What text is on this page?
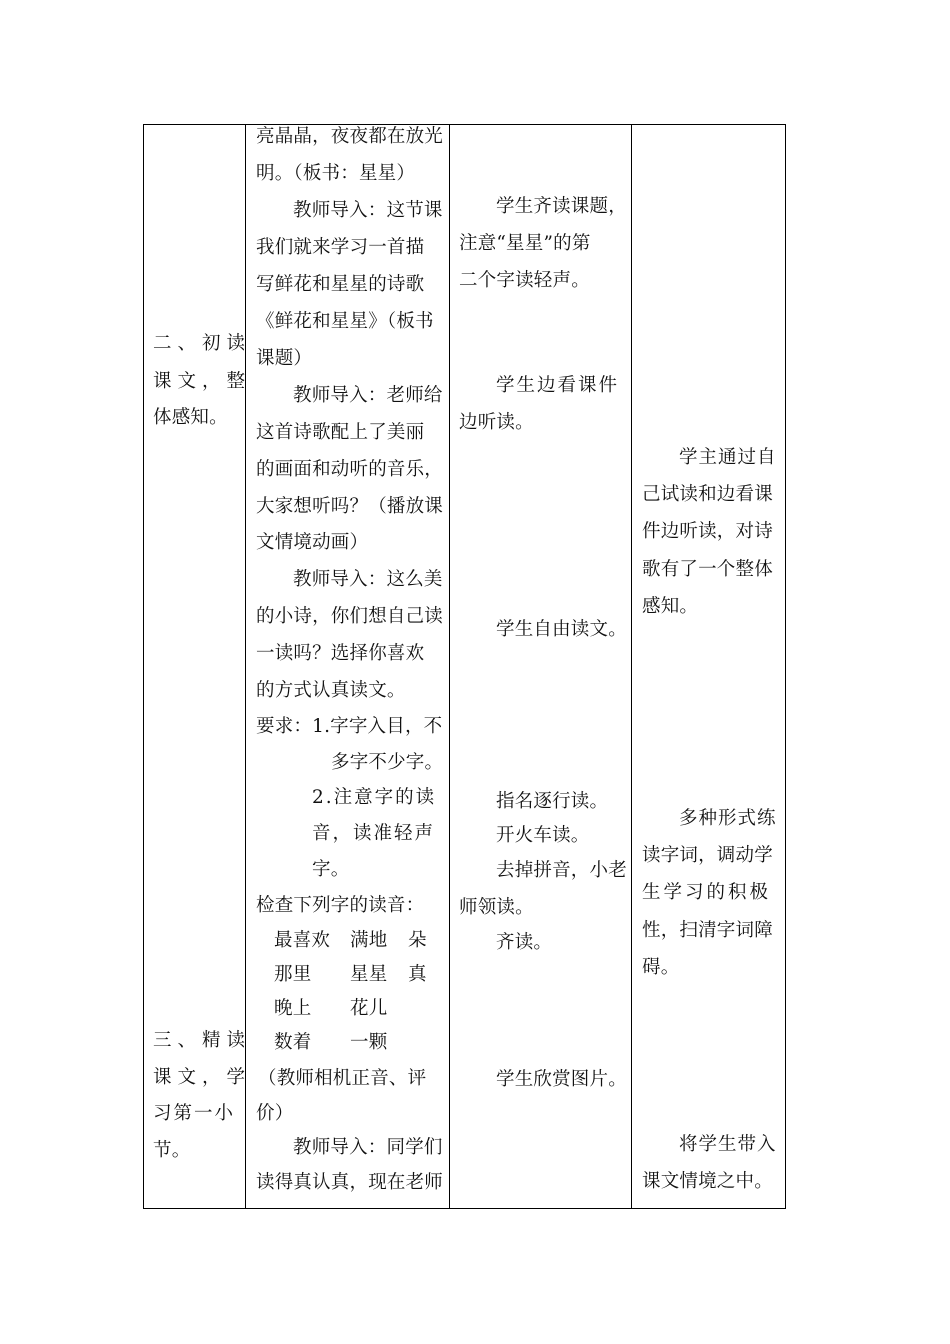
二、初读
课文，整
体感知。
三、精读
课文，学
习第一小
节。
亮晶晶，夜夜都在放光
明。（板书：星星）
教师导入：这节课
我们就来学习一首描
写鲜花和星星的诗歌
《鲜花和星星》（板书
课题）
教师导入：老师给
这首诗歌配上了美丽
的画面和动听的音乐，
大家想听吗？（播放课
文情境动画）
教师导入：这么美
的小诗，你们想自己读
一读吗？选择你喜欢
的方式认真读文。
要求：1.字字入目，不
多字不少字。
2.注意字的读
音，读准轻声
字。
检查下列字的读音：
最喜欢 满地 朵
那里 星星 真
晚上 花儿
数着 一颗
（教师相机正音、评
价）
教师导入：同学们
读得真认真，现在老师
学生齐读课题，
注意“星星”的第
二个字读轻声。
学生边看课件
边听读。
学生自由读文。
指名逐行读。
开火车读。
去掉拼音，小老
师领读。
齐读。
学生欣赏图片。
学主通过自
己试读和边看课
件边听读，对诗
歌有了一个整体
感知。
多种形式练
读字词，调动学
生学习的积极
性，扫清字词障
碍。
将学生带入
课文情境之中。
